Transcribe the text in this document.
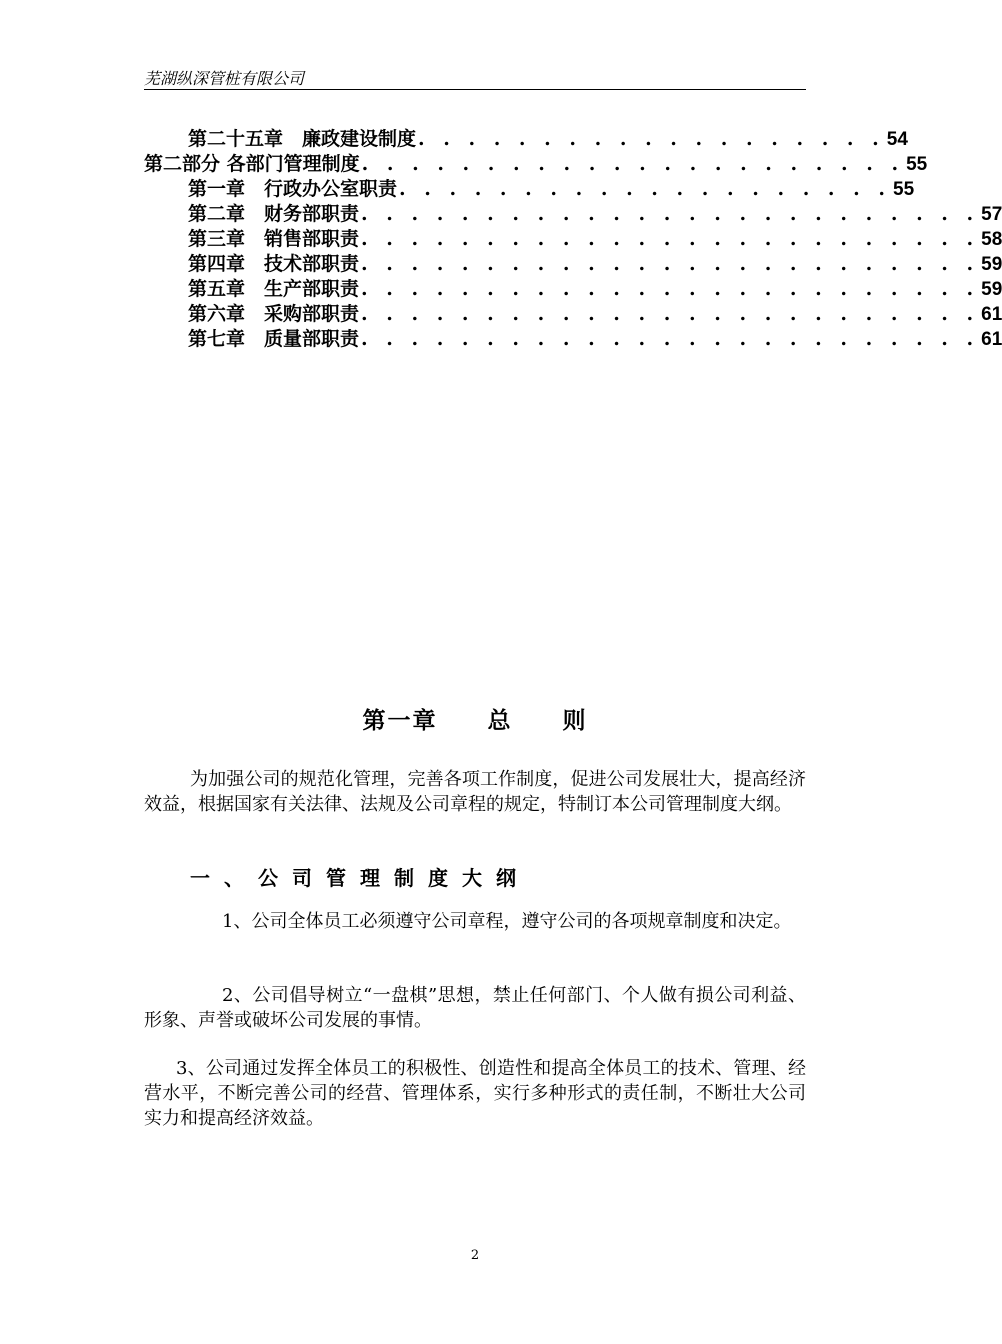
芜湖纵深管桩有限公司
第二十五章　廉政建设制度 . . . . . . . . . . . . . . . . . . . 54
第二部分 各部门管理制度 . . . . . . . . . . . . . . . . . . . . . . 55
第一章　行政办公室职责 . . . . . . . . . . . . . . . . . . . . 55
第二章　财务部职责 . . . . . . . . . . . . . . . . . . . . . . . . . 57
第三章　销售部职责 . . . . . . . . . . . . . . . . . . . . . . . . . 58
第四章　技术部职责 . . . . . . . . . . . . . . . . . . . . . . . . . 59
第五章　生产部职责 . . . . . . . . . . . . . . . . . . . . . . . . . 59
第六章　采购部职责 . . . . . . . . . . . . . . . . . . . . . . . . . 61
第七章　质量部职责 . . . . . . . . . . . . . . . . . . . . . . . . . 61
第一章　　总　　则
为加强公司的规范化管理，完善各项工作制度，促进公司发展壮大，提高经济效益，根据国家有关法律、法规及公司章程的规定，特制订本公司管理制度大纲。
一、公司管理制度大纲
1、公司全体员工必须遵守公司章程，遵守公司的各项规章制度和决定。
2、公司倡导树立“一盘棋”思想，禁止任何部门、个人做有损公司利益、形象、声誉或破坏公司发展的事情。
3、公司通过发挥全体员工的积极性、创造性和提高全体员工的技术、管理、经营水平，不断完善公司的经营、管理体系，实行多种形式的责任制，不断壮大公司实力和提高经济效益。
2
